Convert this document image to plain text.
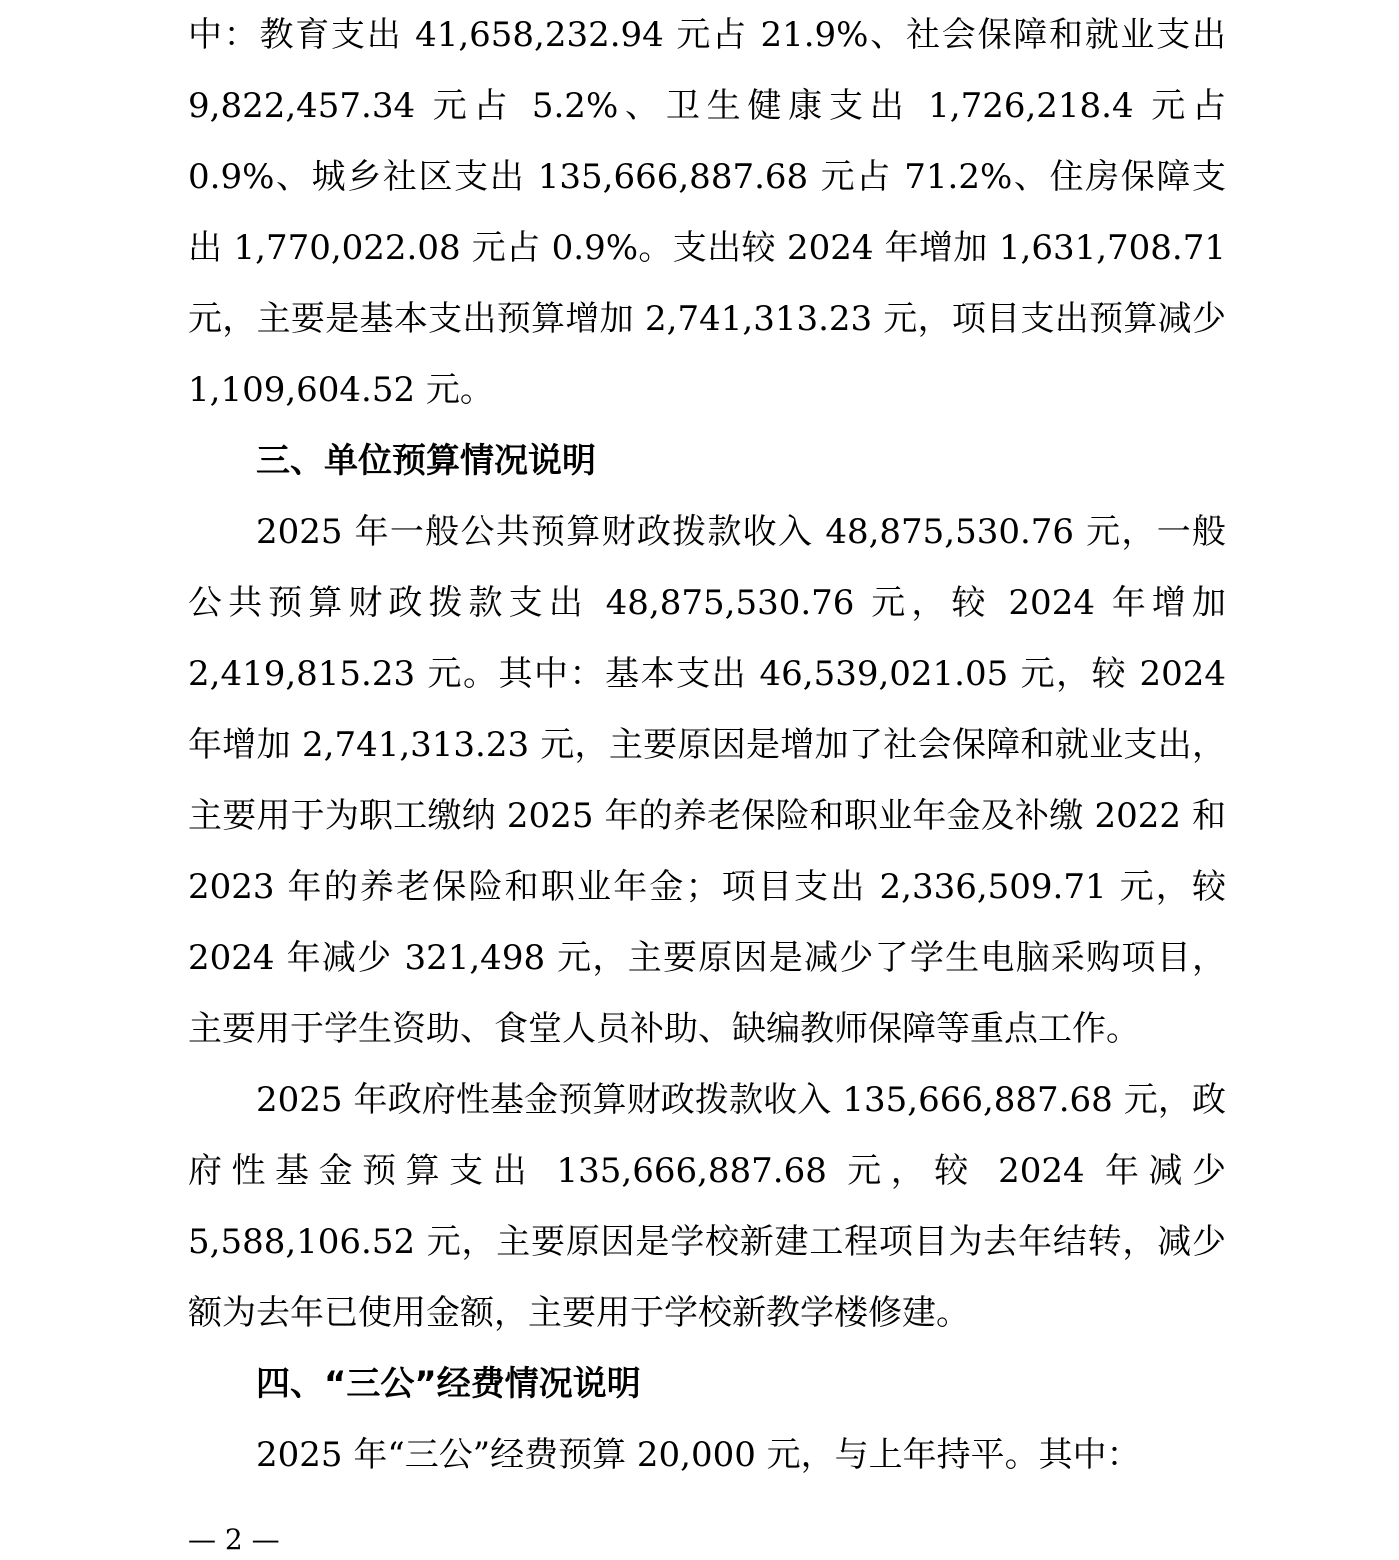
中：教育支出 41,658,232.94 元占 21.9%、社会保障和就业支出 9,822,457.34 元占 5.2%、卫生健康支出 1,726,218.4 元占 0.9%、城乡社区支出 135,666,887.68 元占 71.2%、住房保障支出 1,770,022.08 元占 0.9%。支出较 2024 年增加 1,631,708.71 元，主要是基本支出预算增加 2,741,313.23 元，项目支出预算减少 1,109,604.52 元。

三、单位预算情况说明

2025 年一般公共预算财政拨款收入 48,875,530.76 元，一般公共预算财政拨款支出 48,875,530.76 元，较 2024 年增加 2,419,815.23 元。其中：基本支出 46,539,021.05 元，较 2024 年增加 2,741,313.23 元，主要原因是增加了社会保障和就业支出，主要用于为职工缴纳 2025 年的养老保险和职业年金及补缴 2022 和 2023 年的养老保险和职业年金；项目支出 2,336,509.71 元，较 2024 年减少 321,498 元，主要原因是减少了学生电脑采购项目，主要用于学生资助、食堂人员补助、缺编教师保障等重点工作。

2025 年政府性基金预算财政拨款收入 135,666,887.68 元，政府性基金预算支出 135,666,887.68 元，较 2024 年减少 5,588,106.52 元，主要原因是学校新建工程项目为去年结转，减少额为去年已使用金额，主要用于学校新教学楼修建。

四、“三公”经费情况说明

2025 年“三公”经费预算 20,000 元，与上年持平。其中：

— 2 —
